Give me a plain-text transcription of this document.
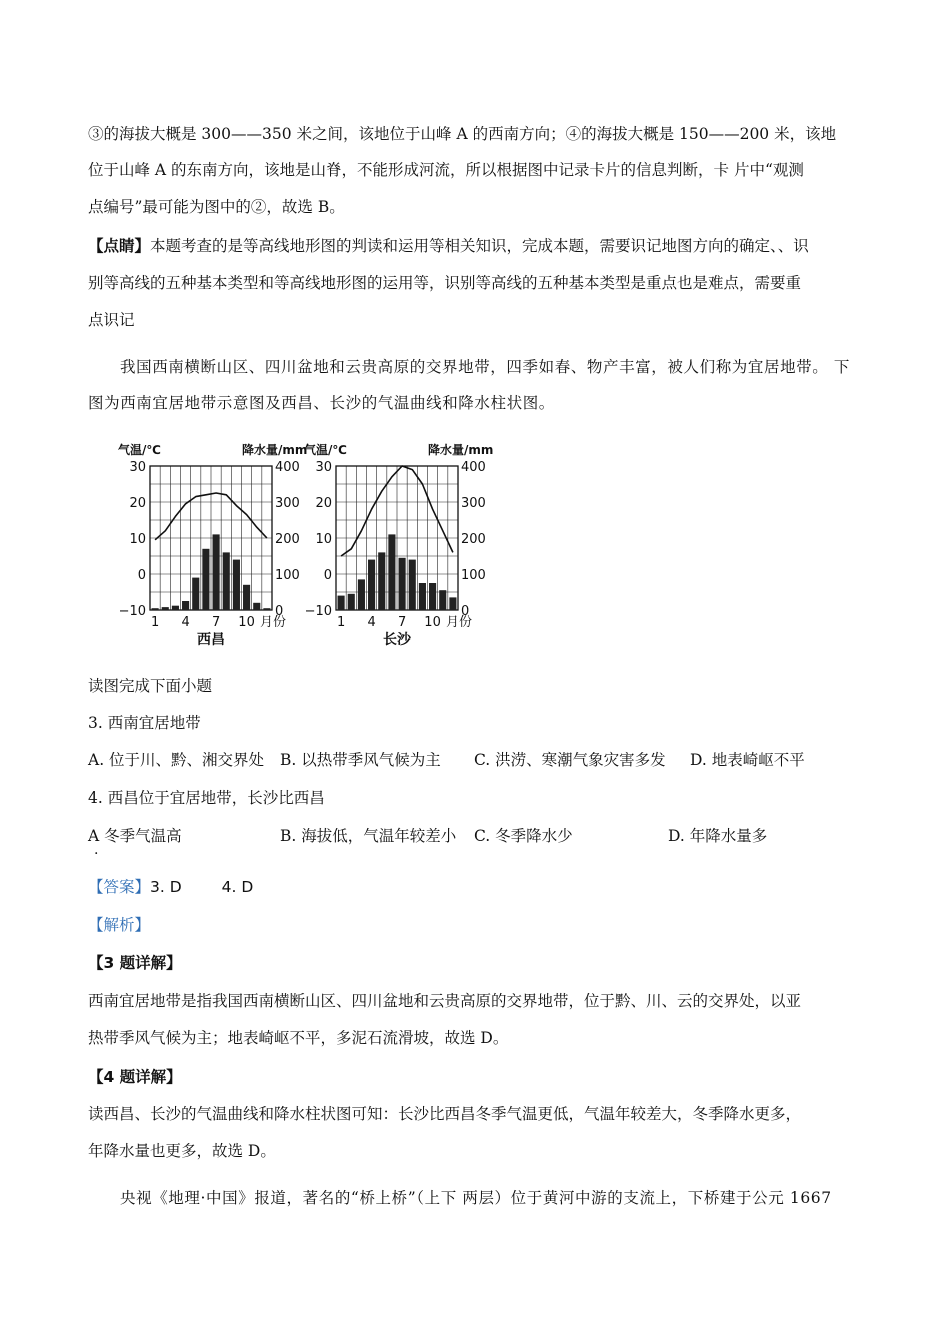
③的海拔大概是 300——350 米之间，该地位于山峰 A 的西南方向；④的海拔大概是 150——200 米，该地
位于山峰 A 的东南方向，该地是山脊，不能形成河流，所以根据图中记录卡片的信息判断，卡 片中“观测
点编号”最可能为图中的②，故选 B。
【点睛】本题考查的是等高线地形图的判读和运用等相关知识，完成本题，需要识记地图方向的确定、、识
别等高线的五种基本类型和等高线地形图的运用等，识别等高线的五种基本类型是重点也是难点，需要重
点识记
我国西南横断山区、四川盆地和云贵高原的交界地带，四季如春、物产丰富，被人们称为宜居地带。 下
图为西南宜居地带示意图及西昌、长沙的气温曲线和降水柱状图。
气温/℃	降水量/mm
30
20
10
0
−10
400
300
200
100
0
1 4 7 10 月份
西昌
气温/℃	降水量/mm
30
20
10
0
−10
400
300
200
100
0
1 4 7 10 月份
长沙
读图完成下面小题
3. 西南宜居地带
A. 位于川、黔、湘交界处 B. 以热带季风气候为主 C. 洪涝、寒潮气象灾害多发 D. 地表崎岖不平
4. 西昌位于宜居地带，长沙比西昌
A 冬季气温高
.
B. 海拔低，气温年较差小 C. 冬季降水少	D. 年降水量多
【答案】3. D	4. D
【解析】
【3 题详解】
西南宜居地带是指我国西南横断山区、四川盆地和云贵高原的交界地带，位于黔、川、云的交界处，以亚
热带季风气候为主；地表崎岖不平，多泥石流滑坡，故选 D。
【4 题详解】
读西昌、长沙的气温曲线和降水柱状图可知：长沙比西昌冬季气温更低，气温年较差大，冬季降水更多，
年降水量也更多，故选 D。
央视《地理·中国》报道，著名的“桥上桥”（上下 两层）位于黄河中游的支流上，下桥建于公元 1667
